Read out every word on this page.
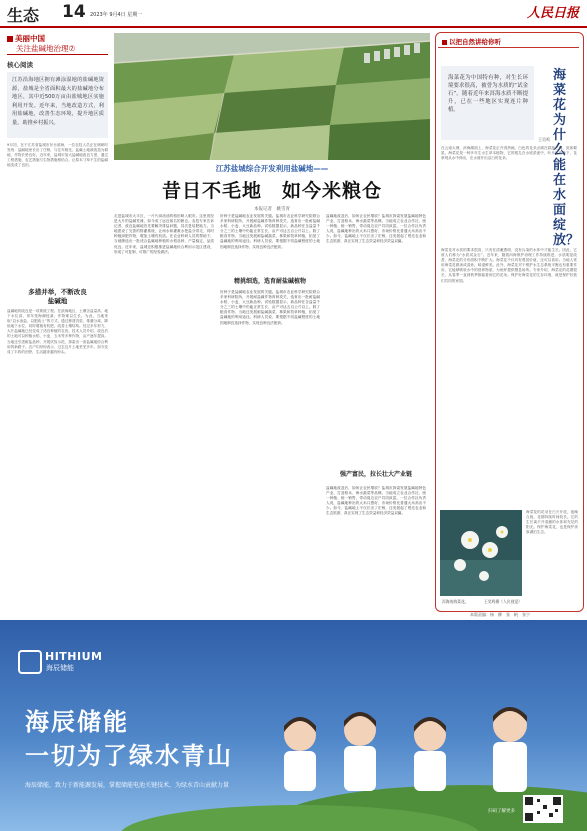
生态 14 2023年 9月4日 星期一	人民日报
美丽中国
关注盐碱地治理⑦
核心阅读
江苏沿海地区拥有滩涂湿地的盐碱地资源，盐城是全省面积最大的盐碱地分布地区，其中近500万亩由盐城地区实施利用开发。近年来，当地改造方式，利用盐碱地，改善生态环境，提升地区质量，助推乡村振兴。
9月初，在于江苏省盐城市东台滨海，一位农技人员正在调研时发现：盐碱地里长出了庄稼，与往年相比，盐碱土地被改造为耕地，作物长势良好。近年来，盐城市加大盐碱地改良力度，通过工程措施、农艺措施与生物措施相结合，让原本寸草不生的盐碱地变成了良田。
多措并举，不断改良
盐碱地
盐碱地的改良是一项系统工程。在滨海地区，土壤含盐量高、地下水位高，常年受海潮侵袭，作物难以生长。为此，当地采取“以水治盐、以肥改土”的方式，通过修建沟渠、排灌分离，降低地下水位，同时增施有机肥，改善土壤结构。经过多年努力，大片盐碱地已经变成了适宜种植的农田。技术人员介绍，改良后的土地可以种植水稻、小麦、玉米等多种作物，亩产逐年提高。当地还引进耐盐品种，开展试验示范，探索出一条盐碱地综合利用的新路子。农户们纷纷表示，过去这片土地荒芜多年，如今变成了丰收的田野，生活越来越有盼头。
江苏盐城综合开发利用盐碱地——
昔日不毛地　如今米粮仓
本报记者　姚雪青
走进盐城市大丰区，一片片绿油油的稻田映入眼帘。这里曾经是大片的盐碱荒滩，如今成了远近闻名的粮仓。农技专家告诉记者，改良盐碱地首先要解决排盐问题，其次是培肥地力。当地建设了完善的排灌系统，让雨水和灌溉水把盐分带走，同时种植绿肥作物，增加土壤有机质。在农业科研人员的帮助下，当地筛选出一批适合盐碱地种植的水稻品种，产量稳定，品质优良。近年来，盐城还积极推进盐碱地综合利用示范区建设，形成了可复制、可推广的经验做法。
好种子是盐碱地农业发展的关键。盐城市农业科学研究院联合多家科研院所，开展耐盐碱作物育种攻关，选育出一批耐盐碱水稻、小麦、大豆新品种。试验数据显示，新品种在含盐量千分之三的土壤中仍能正常生长，亩产可达五百公斤以上。除了粮食作物，当地还发展耐盐碱蔬菜、林果和牧草种植，拓宽了盐碱地的利用途径。科研人员说，要根据不同盐碱程度的土地因地制宜选择作物，实现良种良法配套。
精挑细选，选育耐盐碱植物
好种子是盐碱地农业发展的关键。盐城市农业科学研究院联合多家科研院所，开展耐盐碱作物育种攻关，选育出一批耐盐碱水稻、小麦、大豆新品种。试验数据显示，新品种在含盐量千分之三的土壤中仍能正常生长，亩产可达五百公斤以上。除了粮食作物，当地还发展耐盐碱蔬菜、林果和牧草种植，拓宽了盐碱地的利用途径。科研人员说，要根据不同盐碱程度的土地因地制宜选择作物，实现良种良法配套。
盐碱地改造后，如何让农民增收？盐城市探索发展盐碱地特色产业，打造稻米、海水蔬菜等品牌。当地成立农业合作社，统一种植、统一销售，带动周边农户共同致富。一位合作社负责人说，盐碱地种出的大米口感好，市场价格比普通大米高出不少。如今，盐碱地上不仅长出了庄稼，还发展起了观光农业和生态旅游，真正实现了生态效益和经济效益双赢。
强产富民，拉长壮大产业链
盐碱地改造后，如何让农民增收？盐城市探索发展盐碱地特色产业，打造稻米、海水蔬菜等品牌。当地成立农业合作社，统一种植、统一销售，带动周边农户共同致富。一位合作社负责人说，盐碱地种出的大米口感好，市场价格比普通大米高出不少。如今，盐碱地上不仅长出了庄稼，还发展起了观光农业和生态旅游，真正实现了生态效益和经济效益双赢。
以把自然讲给你听
海菜花为中国特有种，对生长环境要求很高，被誉为水质的“试金石”。随着近年来洱海水质不断提升，已在一些地区实现连片种植。
海菜花为什么能在水面绽放？
王昊鸣
在云南大理，洱海湖面上，海菜花正开得热闹。白色的花朵点缀在碧波之间，犹如繁星。海菜花是一种多年生水生草本植物，它的根扎在水底淤泥中，叶片沉在水下，花葶则从水中伸出，在水面开出洁白的花朵。
海菜花对水质的要求很高，只有在清澈透明、没有污染的水体中才能生长。因此，它被人们称为“水质试金石”。近年来，随着洱海保护治理工作持续推进，水质明显改善，海菜花的分布面积不断扩大。海菜花不仅具有观赏价值，还可以食用。当地人常用海菜花做汤或清炒，味道鲜美。此外，海菜花对于维护水生态系统平衡也有重要作用，它能够吸收水中的营养物质，为鱼虾提供栖息场所。专家介绍，海菜花的花期很长，从春季一直到秋季都能看到它的花朵。保护好海菜花的生存环境，就是保护好我们共同的家园。
洱海的海菜花。	王昊鸣摄（人民视觉）
海菜花的花朵在白天开放，夜晚合拢，花期持续时间较长。它的生长离不开清澈的水体和充足的阳光。保护海菜花，也是保护高原湖泊生态。
本版责编：杨　柳　张　帆　张宁
HITHIUM
海辰储能
海辰储能
一切为了绿水青山
海辰储能，致力于新能源发展，掌握储能电池关键技术，为绿水青山贡献力量
扫码了解更多
